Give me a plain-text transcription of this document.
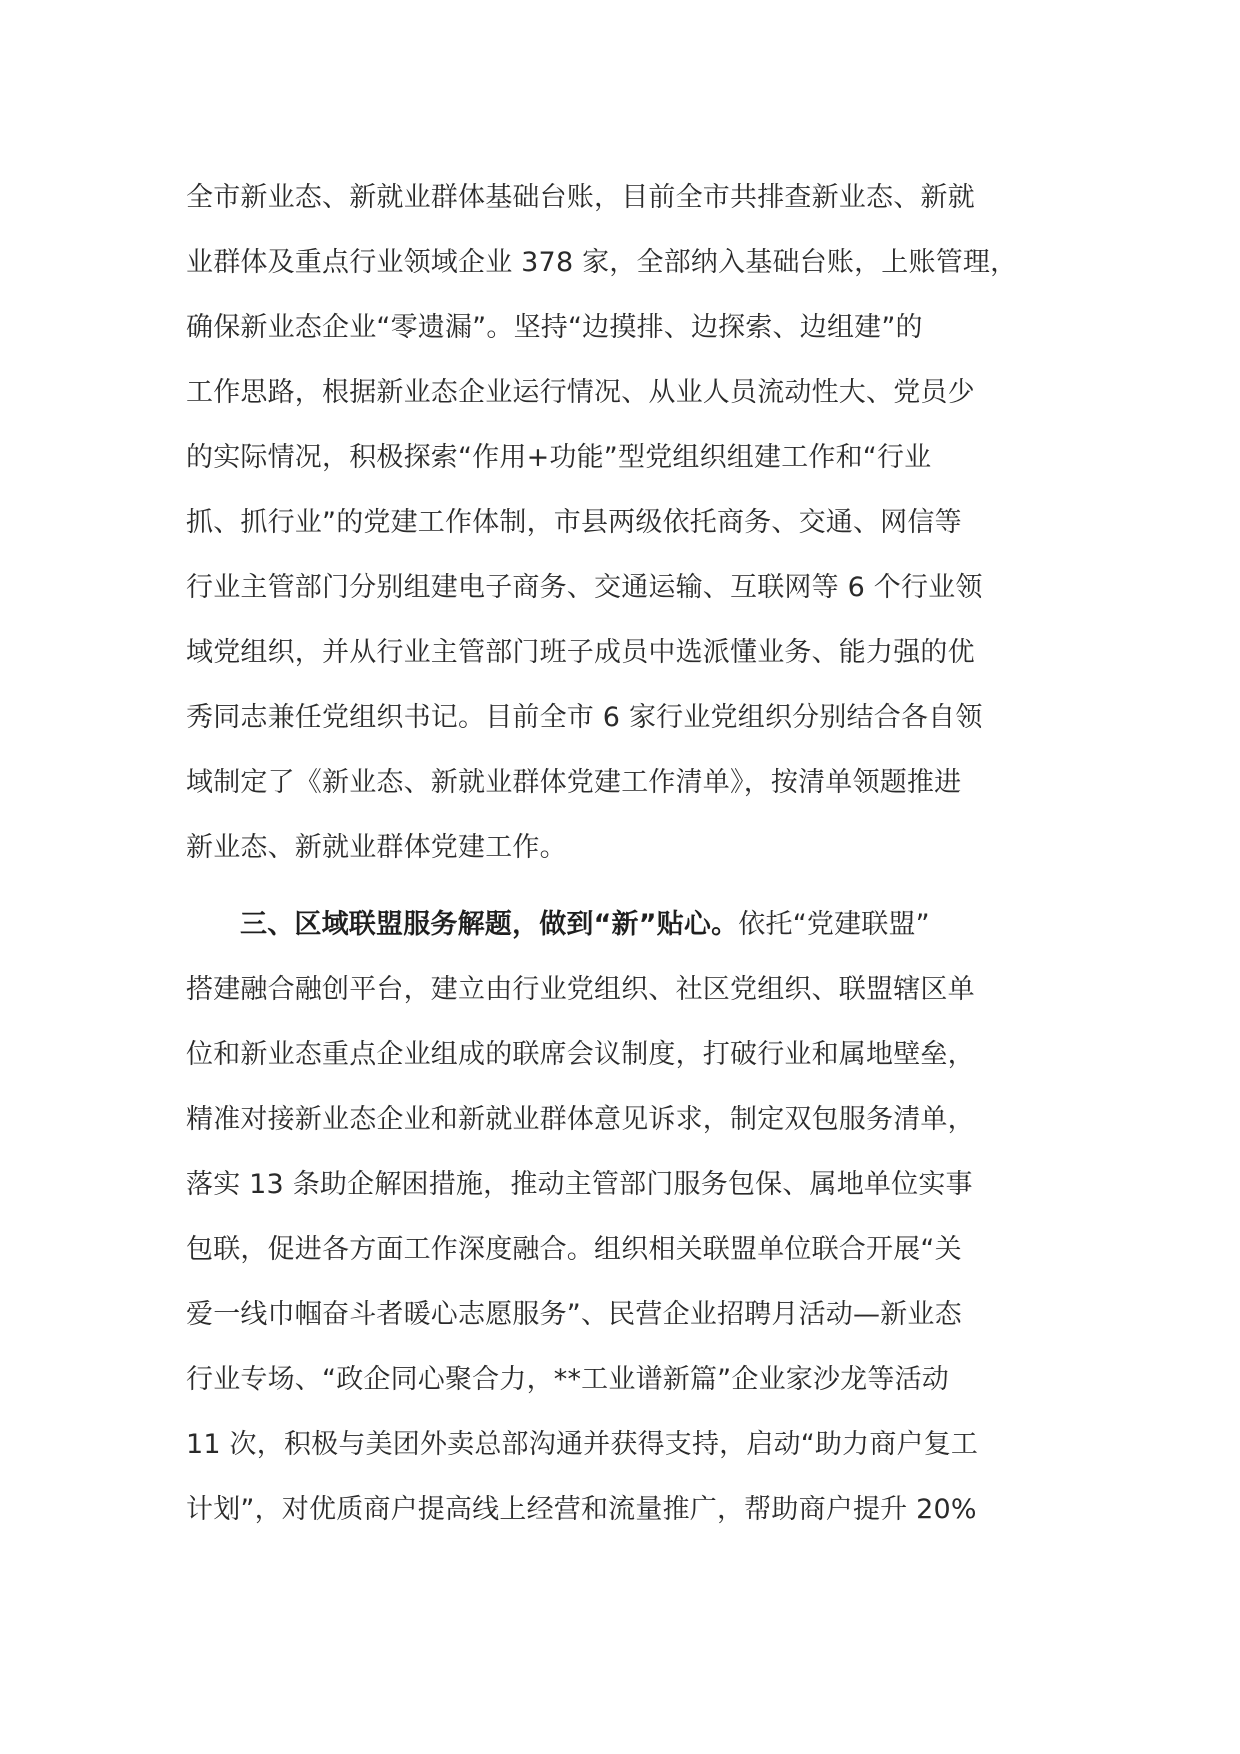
全市新业态、新就业群体基础台账，目前全市共排查新业态、新就
业群体及重点行业领域企业 378 家，全部纳入基础台账，上账管理，
确保新业态企业“零遗漏”。坚持“边摸排、边探索、边组建”的
工作思路，根据新业态企业运行情况、从业人员流动性大、党员少
的实际情况，积极探索“作用+功能”型党组织组建工作和“行业
抓、抓行业”的党建工作体制，市县两级依托商务、交通、网信等
行业主管部门分别组建电子商务、交通运输、互联网等 6 个行业领
域党组织，并从行业主管部门班子成员中选派懂业务、能力强的优
秀同志兼任党组织书记。目前全市 6 家行业党组织分别结合各自领
域制定了《新业态、新就业群体党建工作清单》，按清单领题推进
新业态、新就业群体党建工作。
三、区域联盟服务解题，做到“新”贴心。依托“党建联盟”
搭建融合融创平台，建立由行业党组织、社区党组织、联盟辖区单
位和新业态重点企业组成的联席会议制度，打破行业和属地壁垒，
精准对接新业态企业和新就业群体意见诉求，制定双包服务清单，
落实 13 条助企解困措施，推动主管部门服务包保、属地单位实事
包联，促进各方面工作深度融合。组织相关联盟单位联合开展“关
爱一线巾帼奋斗者暖心志愿服务”、民营企业招聘月活动—新业态
行业专场、“政企同心聚合力，**工业谱新篇”企业家沙龙等活动
11 次，积极与美团外卖总部沟通并获得支持，启动“助力商户复工
计划”，对优质商户提高线上经营和流量推广，帮助商户提升 20%
